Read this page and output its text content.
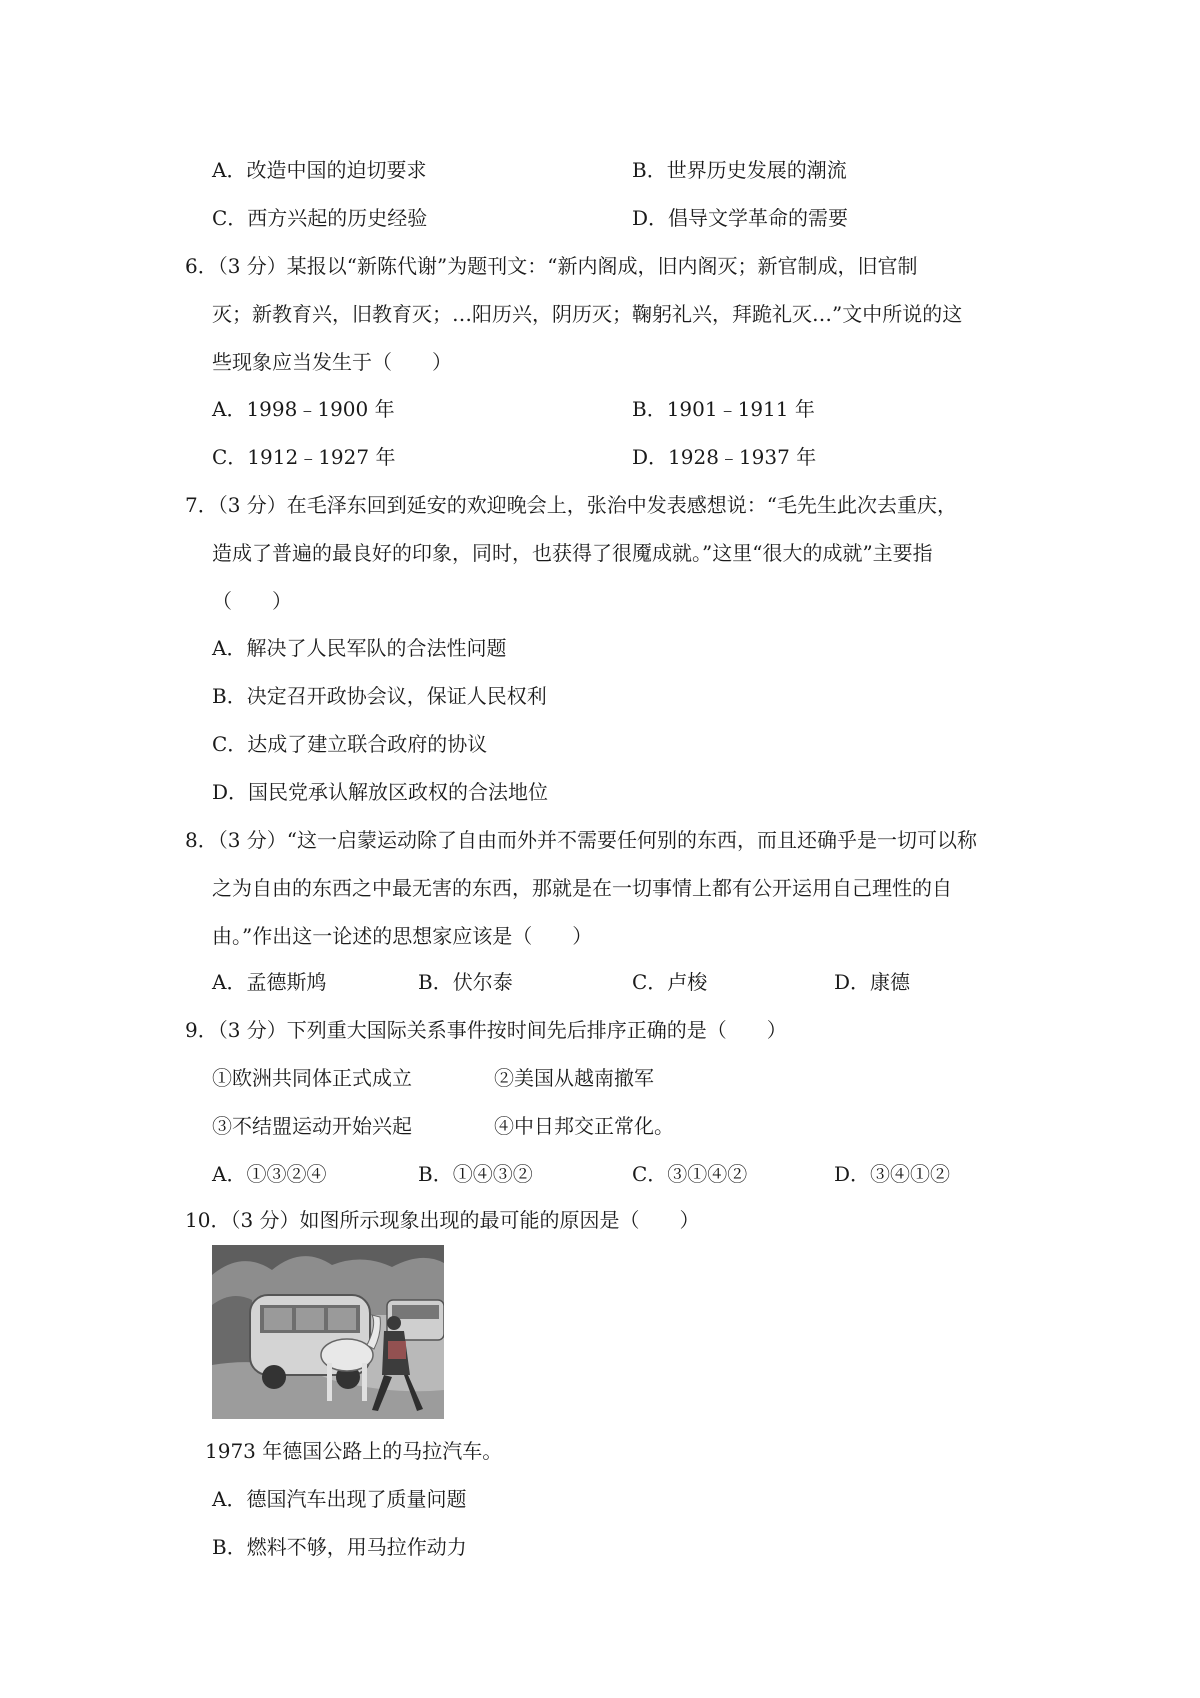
A．改造中国的迫切要求	B．世界历史发展的潮流
C．西方兴起的历史经验	D．倡导文学革命的需要
6．（3 分）某报以“新陈代谢”为题刊文：“新内阁成，旧内阁灭；新官制成，旧官制
灭；新教育兴，旧教育灭；…阳历兴，阴历灭；鞠躬礼兴，拜跪礼灭…”文中所说的这
些现象应当发生于（　　）
A．1998﹣1900 年	B．1901﹣1911 年
C．1912﹣1927 年	D．1928﹣1937 年
7．（3 分）在毛泽东回到延安的欢迎晚会上，张治中发表感想说：“毛先生此次去重庆，
造成了普遍的最良好的印象，同时，也获得了很魇成就。”这里“很大的成就”主要指
（　　）
A．解决了人民军队的合法性问题
B．决定召开政协会议，保证人民权利
C．达成了建立联合政府的协议
D．国民党承认解放区政权的合法地位
8．（3 分）“这一启蒙运动除了自由而外并不需要任何别的东西，而且还确乎是一切可以称
之为自由的东西之中最无害的东西，那就是在一切事情上都有公开运用自己理性的自
由。”作出这一论述的思想家应该是（　　）
A．孟德斯鸠	B．伏尔泰	C．卢梭	D．康德
9．（3 分）下列重大国际关系事件按时间先后排序正确的是（　　）
①欧洲共同体正式成立	②美国从越南撤军
③不结盟运动开始兴起	④中日邦交正常化。
A．①③②④	B．①④③②	C．③①④②	D．③④①②
10．（3 分）如图所示现象出现的最可能的原因是（　　）
1973 年德国公路上的马拉汽车。
A．德国汽车出现了质量问题
B．燃料不够，用马拉作动力
